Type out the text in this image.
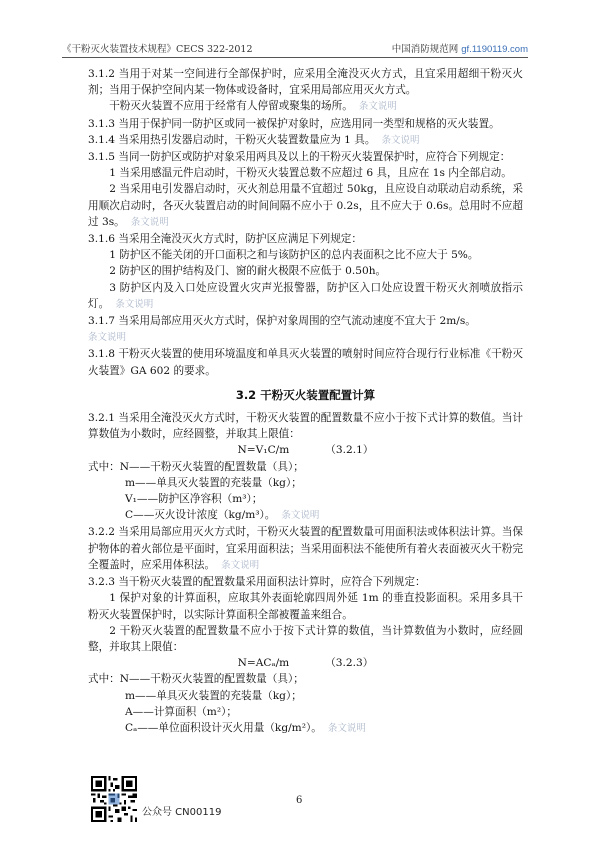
《干粉灭火装置技术规程》CECS 322-2012	中国消防规范网 gf.1190119.com

3.1.2 当用于对某一空间进行全部保护时，应采用全淹没灭火方式，且宜采用超细干粉灭火剂；当用于保护空间内某一物体或设备时，宜采用局部应用灭火方式。

干粉灭火装置不应用于经常有人停留或聚集的场所。 条文说明

3.1.3 当用于保护同一防护区或同一被保护对象时，应选用同一类型和规格的灭火装置。

3.1.4 当采用热引发器启动时，干粉灭火装置数量应为 1 具。 条文说明

3.1.5 当同一防护区或防护对象采用两具及以上的干粉灭火装置保护时，应符合下列规定：

1 当采用感温元件启动时，干粉灭火装置总数不应超过 6 具，且应在 1s 内全部启动。

2 当采用电引发器启动时，灭火剂总用量不宜超过 50kg，且应设自动联动启动系统，采用顺次启动时，各灭火装置启动的时间间隔不应小于 0.2s，且不应大于 0.6s。总用时不应超过 3s。 条文说明

3.1.6 当采用全淹没灭火方式时，防护区应满足下列规定：

1 防护区不能关闭的开口面积之和与该防护区的总内表面积之比不应大于 5%。

2 防护区的围护结构及门、窗的耐火极限不应低于 0.50h。

3 防护区内及入口处应设置火灾声光报警器，防护区入口处应设置干粉灭火剂喷放指示灯。 条文说明

3.1.7 当采用局部应用灭火方式时，保护对象周围的空气流动速度不宜大于 2m/s。

条文说明

3.1.8 干粉灭火装置的使用环境温度和单具灭火装置的喷射时间应符合现行行业标准《干粉灭火装置》GA 602 的要求。

3.2 干粉灭火装置配置计算

3.2.1 当采用全淹没灭火方式时，干粉灭火装置的配置数量不应小于按下式计算的数值。当计算数值为小数时，应经圆整，并取其上限值：

N=V₁C/m	（3.2.1）

式中：N——干粉灭火装置的配置数量（具）；

m——单具灭火装置的充装量（kg）；

V₁——防护区净容积（m³）；

C——灭火设计浓度（kg/m³）。 条文说明

3.2.2 当采用局部应用灭火方式时，干粉灭火装置的配置数量可用面积法或体积法计算。当保护物体的着火部位是平面时，宜采用面积法；当采用面积法不能使所有着火表面被灭火干粉完全覆盖时，应采用体积法。 条文说明

3.2.3 当干粉灭火装置的配置数量采用面积法计算时，应符合下列规定：

1 保护对象的计算面积，应取其外表面轮廓四周外延 1m 的垂直投影面积。采用多具干粉灭火装置保护时，以实际计算面积全部被覆盖来组合。

2 干粉灭火装置的配置数量不应小于按下式计算的数值，当计算数值为小数时，应经圆整，并取其上限值：

N=ACₐ/m	（3.2.3）

式中：N——干粉灭火装置的配置数量（具）；

m——单具灭火装置的充装量（kg）；

A——计算面积（m²）；

Cₐ——单位面积设计灭火用量（kg/m²）。 条文说明

公众号 CN00119
6
